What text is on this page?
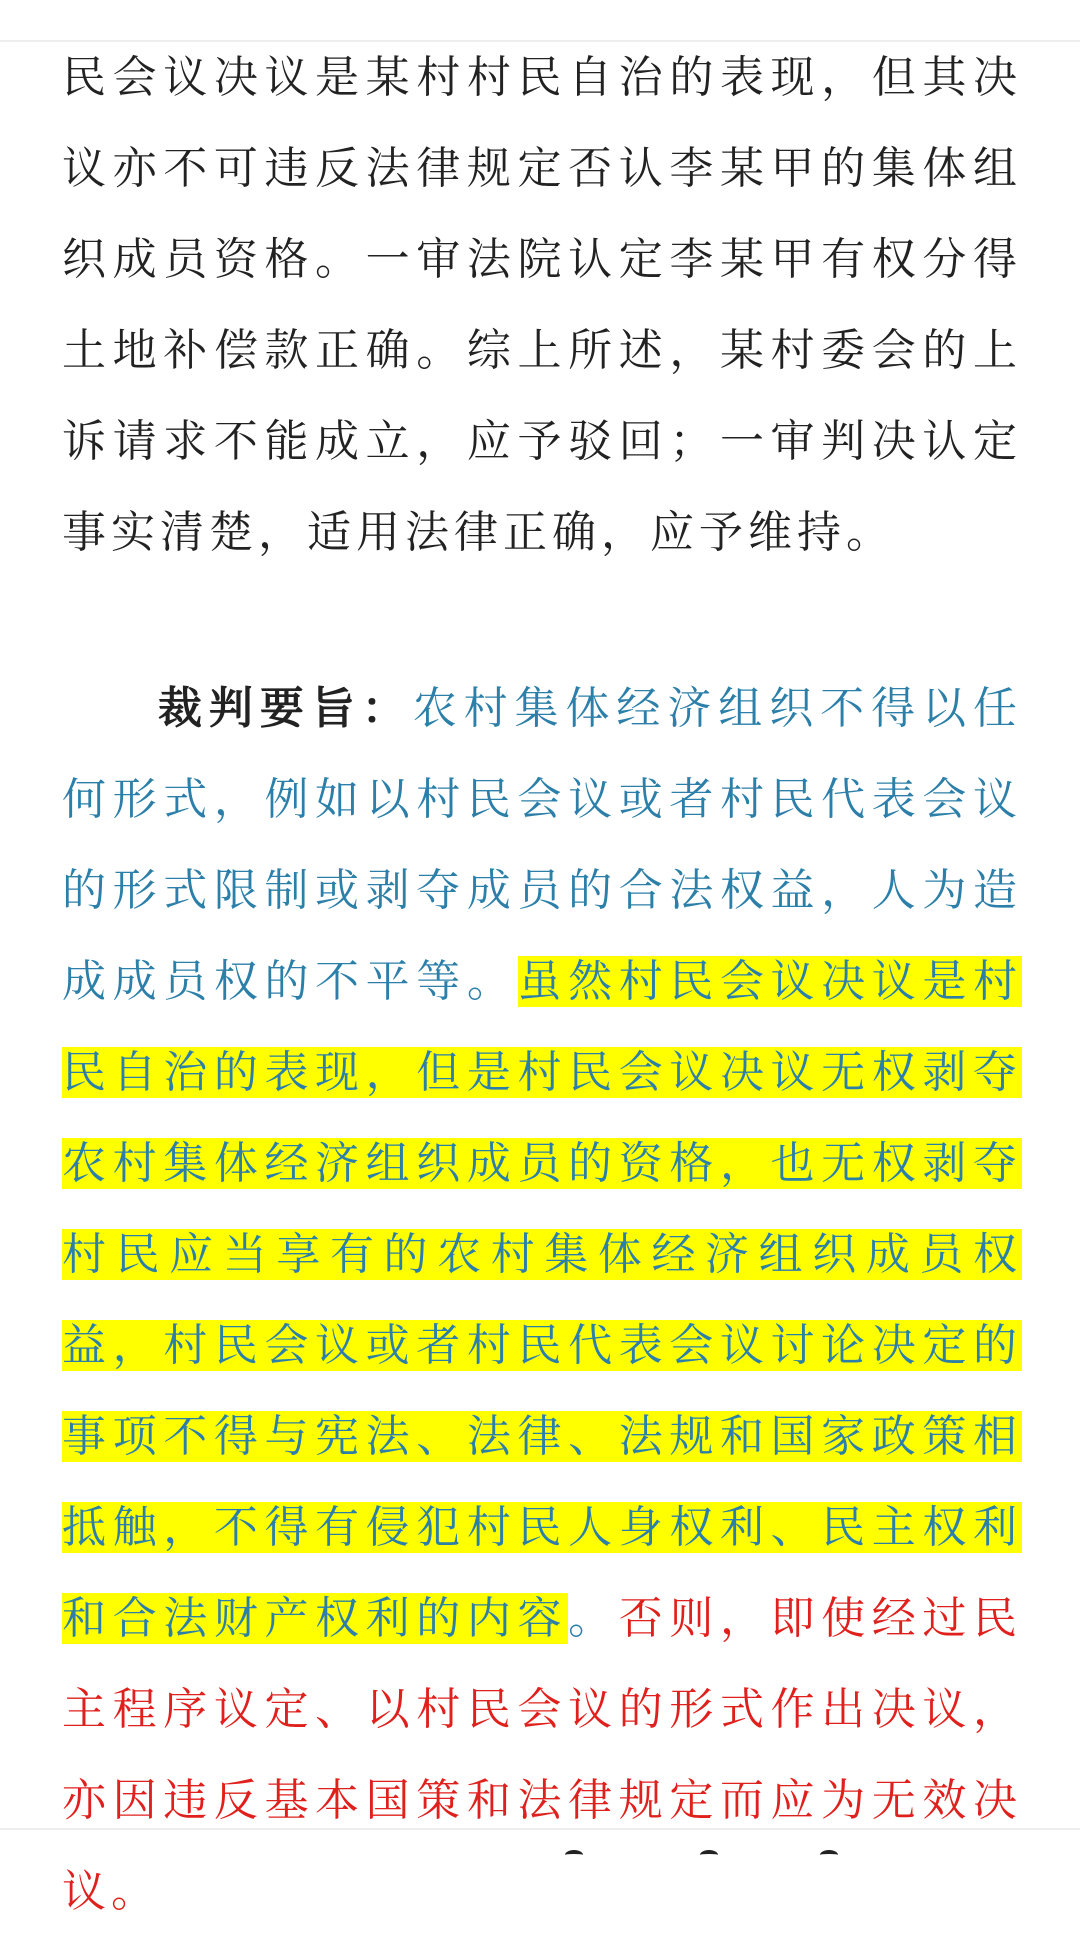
民会议决议是某村村民自治的表现，但其决议亦不可违反法律规定否认李某甲的集体组织成员资格。一审法院认定李某甲有权分得土地补偿款正确。综上所述，某村委会的上诉请求不能成立，应予驳回；一审判决认定事实清楚，适用法律正确，应予维持。

裁判要旨：农村集体经济组织不得以任何形式，例如以村民会议或者村民代表会议的形式限制或剥夺成员的合法权益，人为造成成员权的不平等。虽然村民会议决议是村民自治的表现，但是村民会议决议无权剥夺农村集体经济组织成员的资格，也无权剥夺村民应当享有的农村集体经济组织成员权益，村民会议或者村民代表会议讨论决定的事项不得与宪法、法律、法规和国家政策相抵触，不得有侵犯村民人身权利、民主权利和合法财产权利的内容。否则，即使经过民主程序议定、以村民会议的形式作出决议，亦因违反基本国策和法律规定而应为无效决议。
